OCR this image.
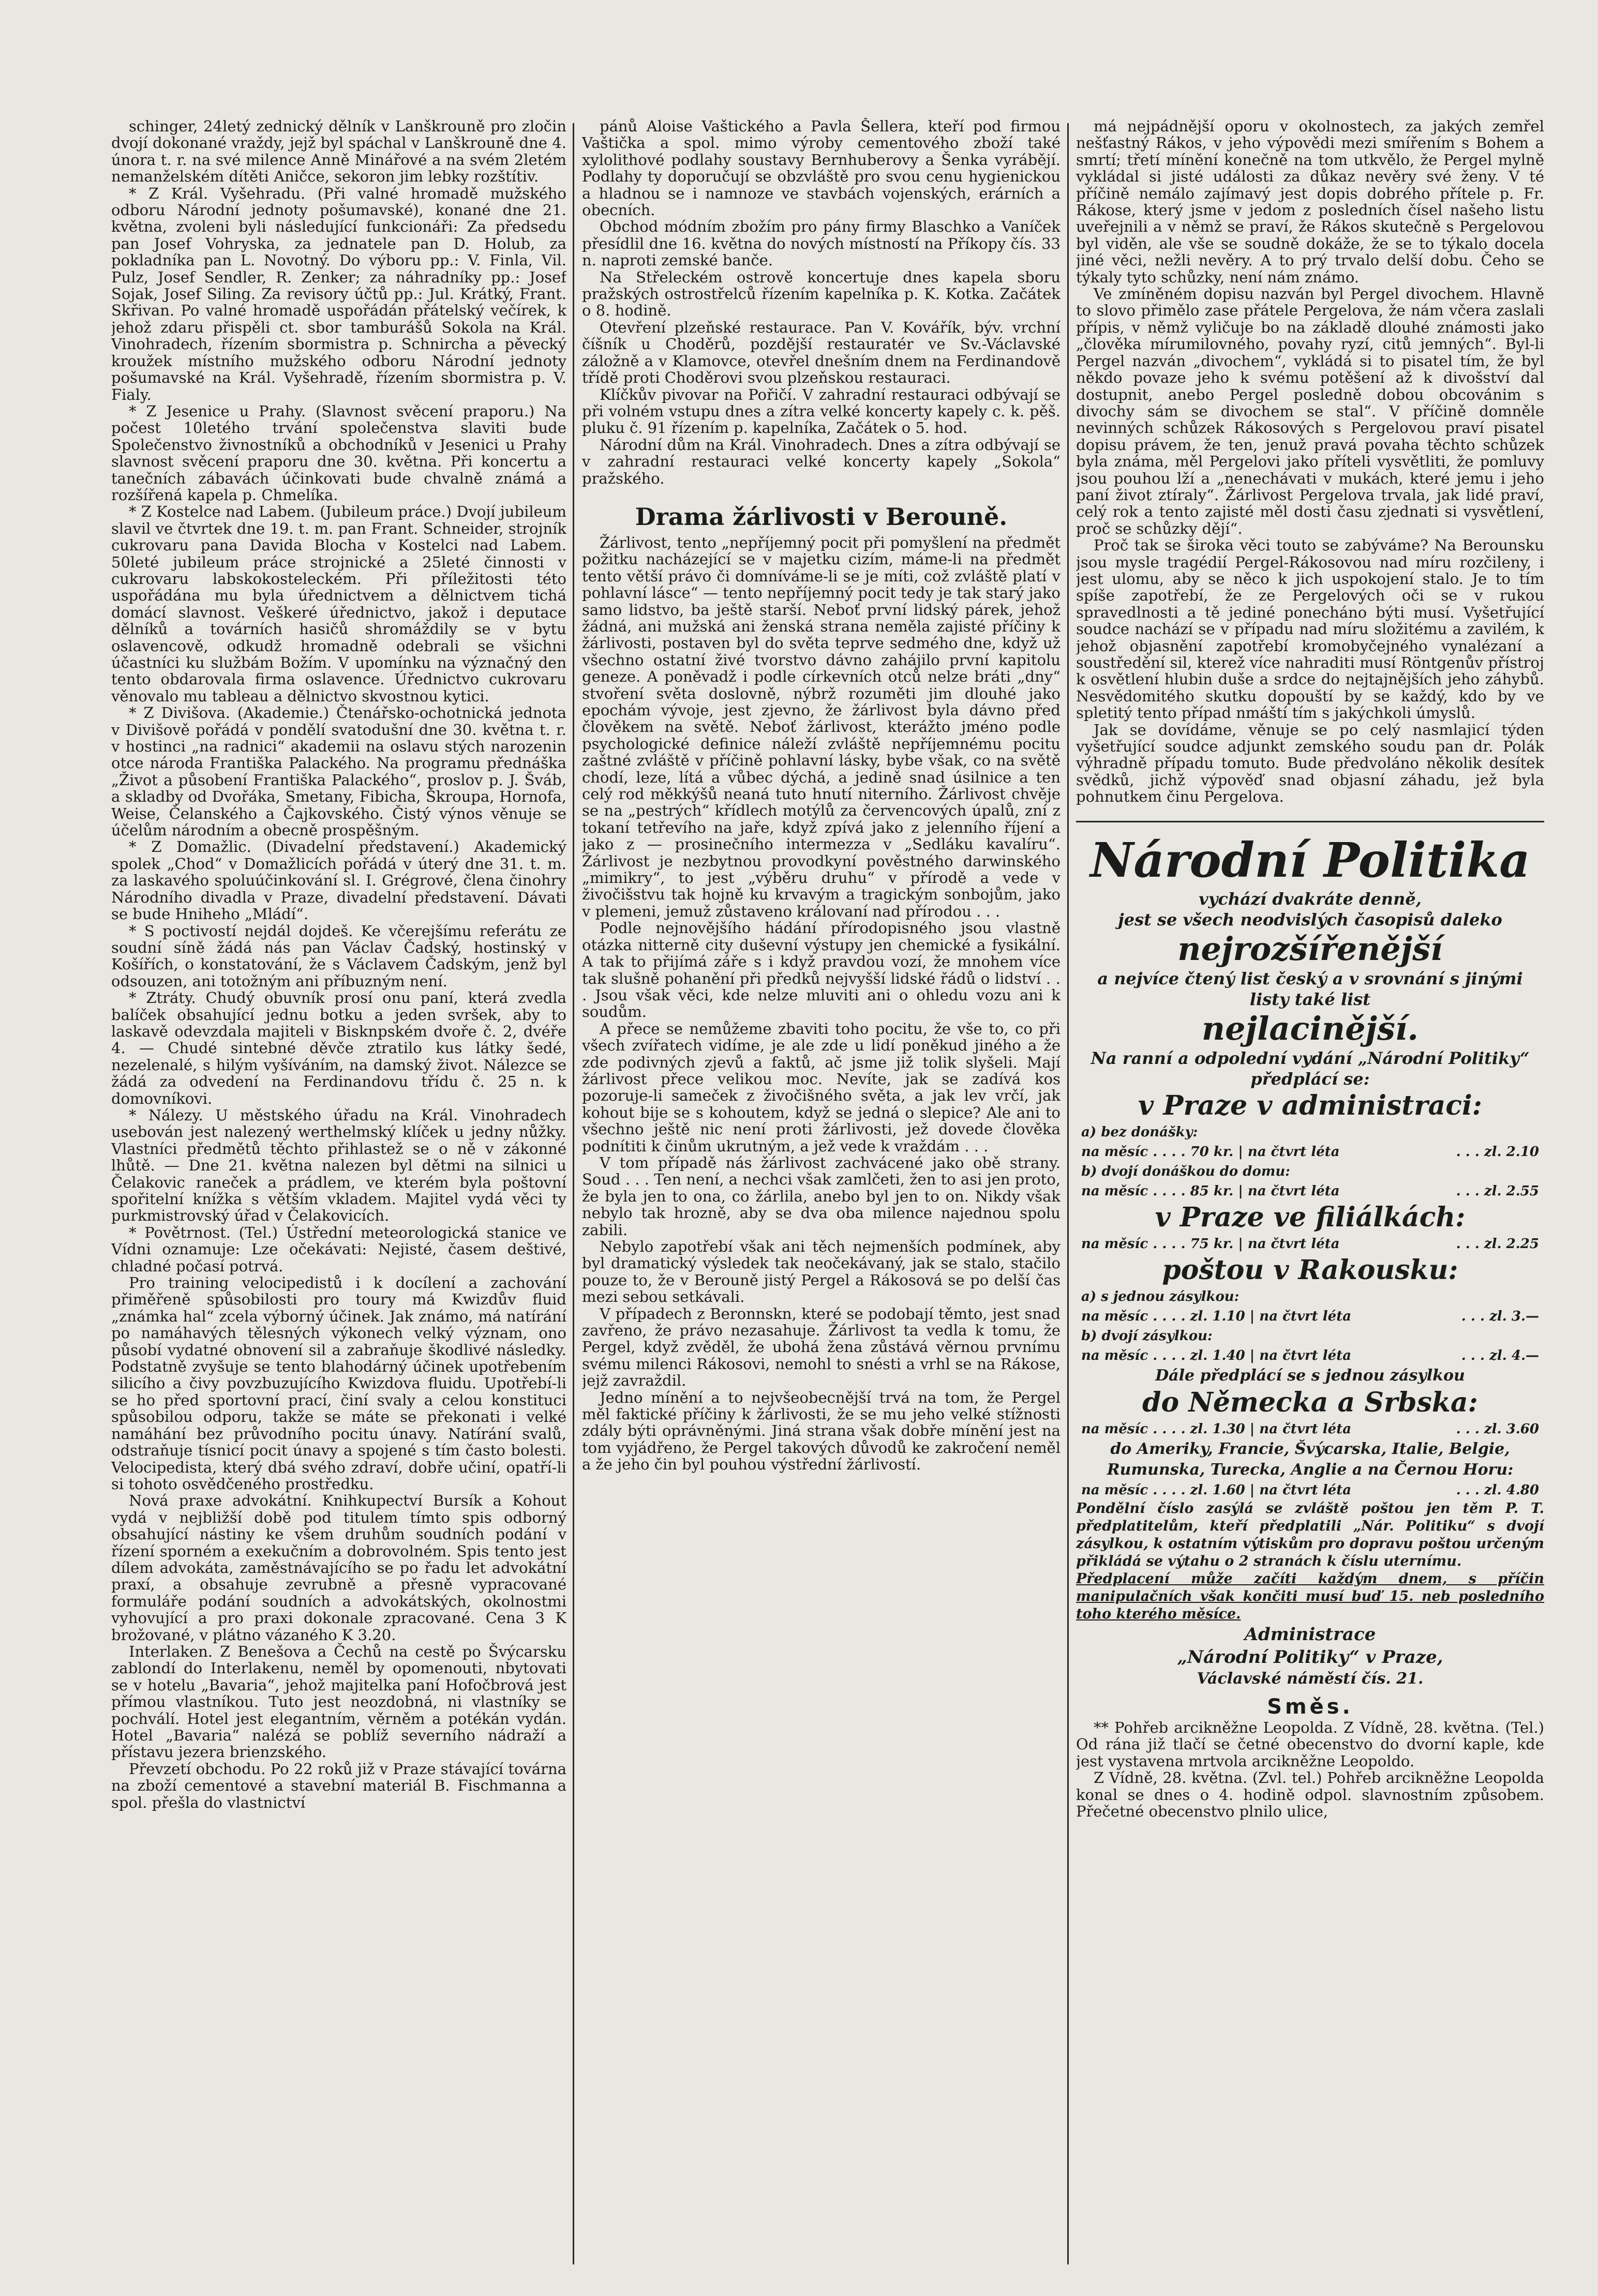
schinger, 24letý zednický dělník v Lanškrouně pro zločin dvojí dokonané vraždy, jejž byl spáchal v Lanškrouně dne 4. února t. r. na své milence Anně Minářové a na svém 2letém nemanželském dítěti Aničce, sekoron jim lebky rozštítiv.

* Z Král. Vyšehradu. (Při valné hromadě mužského odboru Národní jednoty pošumavské), konané dne 21. května, zvoleni byli následující funkcionáři: Za předsedu pan Josef Vohryska, za jednatele pan D. Holub, za pokladníka pan L. Novotný. Do výboru pp.: V. Finla, Vil. Pulz, Josef Sendler, R. Zenker; za náhradníky pp.: Josef Sojak, Josef Siling. Za revisory účtů pp.: Jul. Krátký, Frant. Skřivan. Po valné hromadě uspořádán přátelský večírek, k jehož zdaru přispěli ct. sbor tamburášů Sokola na Král. Vinohradech, řízením sbormistra p. Schnircha a pěvecký kroužek místního mužského odboru Národní jednoty pošumavské na Král. Vyšehradě, řízením sbormistra p. V. Fialy.

* Z Jesenice u Prahy. (Slavnost svěcení praporu.) Na počest 10letého trvání společenstva slaviti bude Společenstvo živnostníků a obchodníků v Jesenici u Prahy slavnost svěcení praporu dne 30. května. Při koncertu a tanečních zábavách účinkovati bude chvalně známá a rozšířená kapela p. Chmelíka.

* Z Kostelce nad Labem. (Jubileum práce.) Dvojí jubileum slavil ve čtvrtek dne 19. t. m. pan Frant. Schneider, strojník cukrovaru pana Davida Blocha v Kostelci nad Labem. 50leté jubileum práce strojnické a 25leté činnosti v cukrovaru labskokosteleckém. Při příležitosti této uspořádána mu byla úřednictvem a dělnictvem tichá domácí slavnost. Veškeré úřednictvo, jakož i deputace dělníků a továrních hasičů shromáždily se v bytu oslavencově, odkudž hromadně odebrali se všichni účastníci ku službám Božím. V upomínku na význačný den tento obdarovala firma oslavence. Úřednictvo cukrovaru věnovalo mu tableau a dělnictvo skvostnou kytici.

* Z Divišova. (Akademie.) Čtenářsko-ochotnická jednota v Divišově pořádá v pondělí svatodušní dne 30. května t. r. v hostinci „na radnici“ akademii na oslavu stých narozenin otce národa Františka Palackého. Na programu přednáška „Život a působení Františka Palackého“, proslov p. J. Šváb, a skladby od Dvořáka, Smetany, Fibicha, Škroupa, Hornofa, Weise, Čelanského a Čajkovského. Čistý výnos věnuje se účelům národním a obecně prospěšným.

* Z Domažlic. (Divadelní představení.) Akademický spolek „Chod“ v Domažlicích pořádá v úterý dne 31. t. m. za laskavého spoluúčinkování sl. I. Grégrové, člena činohry Národního divadla v Praze, divadelní představení. Dávati se bude Hniheho „Mládí“.

* S poctivostí nejdál dojdeš. Ke včerejšímu referátu ze soudní síně žádá nás pan Václav Čadský, hostinský v Košířích, o konstatování, že s Václavem Čadským, jenž byl odsouzen, ani totožným ani příbuzným není.

* Ztráty. Chudý obuvník prosí onu paní, která zvedla balíček obsahující jednu botku a jeden svršek, aby to laskavě odevzdala majiteli v Bisknpském dvoře č. 2, dvéře 4. — Chudé sintebné děvče ztratilo kus látky šedé, nezelenalé, s hilým vyšíváním, na damský život. Nálezce se žádá za odvedení na Ferdinandovu třídu č. 25 n. k domovníkovi.

* Nálezy. U městského úřadu na Král. Vinohradech usebován jest nalezený werthelmský klíček u jedny nůžky. Vlastníci předmětů těchto přihlastež se o ně v zákonné lhůtě. — Dne 21. května nalezen byl dětmi na silnici u Čelakovic raneček a prádlem, ve kterém byla poštovní spořitelní knížka s větším vkladem. Majitel vydá věci ty purkmistrovský úřad v Čelakovicích.

* Povětrnost. (Tel.) Ústřední meteorologická stanice ve Vídni oznamuje: Lze očekávati: Nejisté, časem deštivé, chladné počasí potrvá.

Pro training velocipedistů i k docílení a zachování přiměřeně spůsobilosti pro toury má Kwizdův fluid „známka hal“ zcela výborný účinek. Jak známo, má natírání po namáhavých tělesných výkonech velký význam, ono působí vydatné obnovení sil a zabraňuje škodlivé následky. Podstatně zvyšuje se tento blahodárný účinek upotřebením silicího a čivy povzbuzujícího Kwizdova fluidu. Upotřebí-li se ho před sportovní prací, činí svaly a celou konstituci spůsobilou odporu, takže se máte se překonati i velké namáhání bez průvodního pocitu únavy. Natírání svalů, odstraňuje tísnicí pocit únavy a spojené s tím často bolesti. Velocipedista, který dbá svého zdraví, dobře učiní, opatří-li si tohoto osvědčeného prostředku.

Nová praxe advokátní. Knihkupectví Bursík a Kohout vydá v nejbližší době pod titulem tímto spis odborný obsahující nástiny ke všem druhům soudních podání v řízení sporném a exekučním a dobrovolném. Spis tento jest dílem advokáta, zaměstnávajícího se po řadu let advokátní praxí, a obsahuje zevrubně a přesně vypracované formuláře podání soudních a advokátských, okolnostmi vyhovující a pro praxi dokonale zpracované. Cena 3 K brožované, v plátno vázaného K 3.20.

Interlaken. Z Benešova a Čechů na cestě po Švýcarsku zablondí do Interlakenu, neměl by opomenouti, nbytovati se v hotelu „Bavaria“, jehož majitelka paní Hofočbrová jest přímou vlastníkou. Tuto jest neozdobná, ni vlastníky se pochválí. Hotel jest elegantním, věrněm a potékán vydán. Hotel „Bavaria“ nalézá se poblíž severního nádraží a přístavu jezera brienzského.

Převzetí obchodu. Po 22 roků již v Praze stávající továrna na zboží cementové a stavební materiál B. Fischmanna a spol. přešla do vlastnictví

pánů Aloise Vaštického a Pavla Šellera, kteří pod firmou Vaštička a spol. mimo výroby cementového zboží také xylolithové podlahy soustavy Bernhuberovy a Šenka vyrábějí. Podlahy ty doporučují se obzvláště pro svou cenu hygienickou a hladnou se i namnoze ve stavbách vojenských, erárních a obecních.

Obchod módním zbožím pro pány firmy Blaschko a Vaníček přesídlil dne 16. května do nových místností na Příkopy čís. 33 n. naproti zemské banče.

Na Střeleckém ostrově koncertuje dnes kapela sboru pražských ostrostřelců řízením kapelníka p. K. Kotka. Začátek o 8. hodině.

Otevření plzeňské restaurace. Pan V. Kovářík, býv. vrchní číšník u Choděrů, pozdější restauratér ve Sv.-Václavské záložně a v Klamovce, otevřel dnešním dnem na Ferdinandově třídě proti Choděrovi svou plzeňskou restauraci.

Klíčkův pivovar na Pořičí. V zahradní restauraci odbývají se při volném vstupu dnes a zítra velké koncerty kapely c. k. pěš. pluku č. 91 řízením p. kapelníka, Začátek o 5. hod.

Národní dům na Král. Vinohradech. Dnes a zítra odbývají se v zahradní restauraci velké koncerty kapely „Sokola“ pražského.

Drama žárlivosti v Berouně.

Žárlivost, tento „nepříjemný pocit při pomyšlení na předmět požitku nacházející se v majetku cizím, máme-li na předmět tento větší právo či domníváme-li se je míti, což zvláště platí v pohlavní lásce“ — tento nepříjemný pocit tedy je tak starý jako samo lidstvo, ba ještě starší. Neboť první lidský párek, jehož žádná, ani mužská ani ženská strana neměla zajisté příčiny k žárlivosti, postaven byl do světa teprve sedmého dne, když už všechno ostatní živé tvorstvo dávno zahájilo první kapitolu geneze. A poněvadž i podle církevních otců nelze bráti „dny“ stvoření světa doslovně, nýbrž rozuměti jim dlouhé jako epochám vývoje, jest zjevno, že žárlivost byla dávno před člověkem na světě. Neboť žárlivost, kterážto jméno podle psychologické definice náleží zvláště nepříjemnému pocitu zaštné zvláště v příčině pohlavní lásky, bybe však, co na světě chodí, leze, lítá a vůbec dýchá, a jedině snad úsilnice a ten celý rod měkkýšů neaná tuto hnutí niterního. Žárlivost chvěje se na „pestrých“ křídlech motýlů za červencových úpalů, zní z tokaní tetřevího na jaře, když zpívá jako z jelenního říjení a jako z — prosinečního intermezza v „Sedláku kavalíru“. Žárlivost je nezbytnou provodkyní pověstného darwinského „mimikry“, to jest „výběru druhu“ v přírodě a vede v živočišstvu tak hojně ku krvavým a tragickým sonbojům, jako v plemeni, jemuž zůstaveno královaní nad přírodou . . .

Podle nejnovějšího hádání přírodopisného jsou vlastně otázka nitterně city duševní výstupy jen chemické a fysikální. A tak to přijímá záře s i když pravdou vozí, že mnohem více tak slušně pohanění při předků nejvyšší lidské řádů o lidství . . . Jsou však věci, kde nelze mluviti ani o ohledu vozu ani k soudům.

A přece se nemůžeme zbaviti toho pocitu, že vše to, co při všech zvířatech vidíme, je ale zde u lidí poněkud jiného a že zde podivných zjevů a faktů, ač jsme již tolik slyšeli. Mají žárlivost přece velikou moc. Nevíte, jak se zadívá kos pozoruje-li sameček z živočišného světa, a jak lev vrčí, jak kohout bije se s kohoutem, když se jedná o slepice? Ale ani to všechno ještě nic není proti žárlivosti, jež dovede člověka podnítiti k činům ukrutným, a jež vede k vraždám . . .

V tom případě nás žárlivost zachvácené jako obě strany. Soud . . . Ten není, a nechci však zamlčeti, žen to asi jen proto, že byla jen to ona, co žárlila, anebo byl jen to on. Nikdy však nebylo tak hrozně, aby se dva oba milence najednou spolu zabili.

Nebylo zapotřebí však ani těch nejmenších podmínek, aby byl dramatický výsledek tak neočekávaný, jak se stalo, stačilo pouze to, že v Berouně jistý Pergel a Rákosová se po delší čas mezi sebou setkávali.

V případech z Beronnskn, které se podobají těmto, jest snad zavřeno, že právo nezasahuje. Žárlivost ta vedla k tomu, že Pergel, když zvěděl, že ubohá žena zůstává věrnou prvnímu svému milenci Rákosovi, nemohl to snésti a vrhl se na Rákose, jejž zavraždil.

Jedno mínění a to nejvšeobecnější trvá na tom, že Pergel měl faktické příčiny k žárlivosti, že se mu jeho velké stížnosti zdály býti oprávněnými. Jiná strana však dobře mínění jest na tom vyjádřeno, že Pergel takových důvodů ke zakročení neměl a že jeho čin byl pouhou výstřední žárlivostí.

má nejpádnější oporu v okolnostech, za jakých zemřel nešťastný Rákos, v jeho výpovědi mezi smířením s Bohem a smrtí; třetí mínění konečně na tom utkvělo, že Pergel mylně vykládal si jisté události za důkaz nevěry své ženy. V té příčině nemálo zajímavý jest dopis dobrého přítele p. Fr. Rákose, který jsme v jedom z posledních čísel našeho listu uveřejnili a v němž se praví, že Rákos skutečně s Pergelovou byl viděn, ale vše se soudně dokáže, že se to týkalo docela jiné věci, nežli nevěry. A to prý trvalo delší dobu. Čeho se týkaly tyto schůzky, není nám známo.

Ve zmíněném dopisu nazván byl Pergel divochem. Hlavně to slovo přimělo zase přátele Pergelova, že nám včera zaslali přípis, v němž vyličuje bo na základě dlouhé známosti jako „člověka mírumilovného, povahy ryzí, citů jemných“. Byl-li Pergel nazván „divochem“, vykládá si to pisatel tím, že byl někdo povaze jeho k svému potěšení až k divošství dal dostupnit, anebo Pergel posledně dobou obcovánim s divochy sám se divochem se stal“. V příčině domněle nevinných schůzek Rákosových s Pergelovou praví pisatel dopisu právem, že ten, jenuž pravá povaha těchto schůzek byla známa, měl Pergelovi jako příteli vysvětliti, že pomluvy jsou pouhou lží a „nenechávati v mukách, které jemu i jeho paní život ztíraly“. Žárlivost Pergelova trvala, jak lidé praví, celý rok a tento zajisté měl dosti času zjednati si vysvětlení, proč se schůzky dějí“.

Proč tak se široka věci touto se zabýváme? Na Berounsku jsou mysle tragédií Pergel-Rákosovou nad míru rozčileny, i jest ulomu, aby se něco k jich uspokojení stalo. Je to tím spíše zapotřebí, že ze Pergelových oči se v rukou spravedlnosti a tě jediné ponecháno býti musí. Vyšetřující soudce nachází se v případu nad míru složitému a zavilém, k jehož objasnění zapotřebí kromobyčejného vynalézaní a soustředění sil, kterež více nahraditi musí Röntgenův přístroj k osvětlení hlubin duše a srdce do nejtajnějších jeho záhybů. Nesvědomitého skutku dopouští by se každý, kdo by ve spletitý tento případ nmáští tím s jakýchkoli úmyslů.

Jak se dovídáme, věnuje se po celý nasmlajicí týden vyšetřující soudce adjunkt zemského soudu pan dr. Polák výhradně případu tomuto. Bude předvoláno několik desítek svědků, jichž výpověď snad objasní záhadu, jež byla pohnutkem činu Pergelova.

Národní Politika
vychází dvakráte denně,
jest se všech neodvislých časopisů daleko
nejrozšířenější
a nejvíce čtený list český a v srovnání s jinými listy také list
nejlacinější.
Na ranní a odpolední vydání „Národní Politiky“ předplácí se:
v Praze v administraci:
a) bez donášky:
na měsíc . . . . 70 kr. | na čtvrt léta	. . . zl. 2.10
b) dvojí donáškou do domu:
na měsíc . . . . 85 kr. | na čtvrt léta	. . . zl. 2.55
v Praze ve filiálkách:
na měsíc . . . . 75 kr. | na čtvrt léta	. . . zl. 2.25
poštou v Rakousku:
a) s jednou zásylkou:
na měsíc . . . . zl. 1.10 | na čtvrt léta	. . . zl. 3.—
b) dvojí zásylkou:
na měsíc . . . . zl. 1.40 | na čtvrt léta	. . . zl. 4.—
Dále předplácí se s jednou zásylkou
do Německa a Srbska:
na měsíc . . . . zl. 1.30 | na čtvrt léta	. . . zl. 3.60
do Ameriky, Francie, Švýcarska, Italie, Belgie, Rumunska, Turecka, Anglie a na Černou Horu:
na měsíc . . . . zl. 1.60 | na čtvrt léta	. . . zl. 4.80
Pondělní číslo zasýlá se zvláště poštou jen těm P. T. předplatitelům, kteří předplatili „Nár. Politiku“ s dvojí zásylkou, k ostatním výtiskům pro dopravu poštou určeným přikládá se výtahu o 2 stranách k číslu uternímu.
Předplacení může začíti každým dnem, s příčin manipulačních však končiti musí buď 15. neb posledního toho kterého měsíce.
Administrace
„Národní Politiky“ v Praze,
Václavské náměstí čís. 21.
Směs.

** Pohřeb arcikněžne Leopolda. Z Vídně, 28. května. (Tel.) Od rána již tlačí se četné obecenstvo do dvorní kaple, kde jest vystavena mrtvola arcikněžne Leopoldo.

Z Vídně, 28. května. (Zvl. tel.) Pohřeb arcikněžne Leopolda konal se dnes o 4. hodině odpol. slavnostním způsobem. Přečetné obecenstvo plnilo ulice,
